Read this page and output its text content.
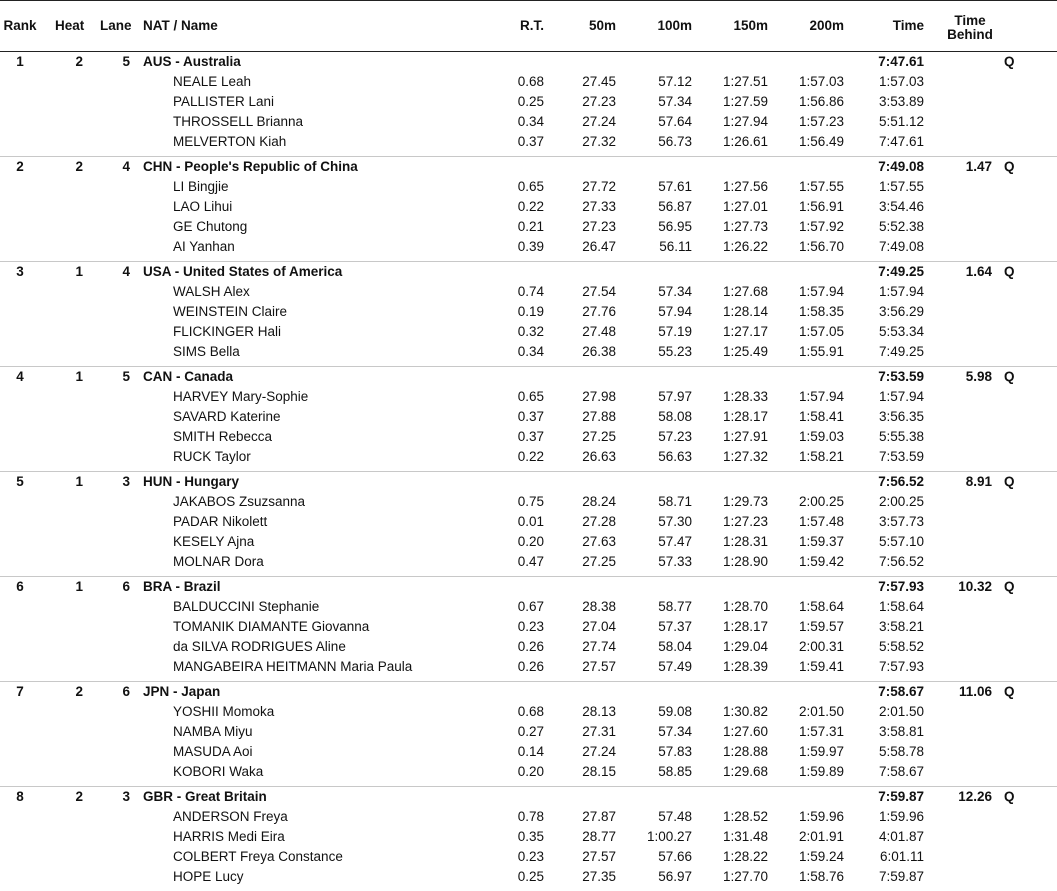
Rank Heat Lane NAT / Name	R.T.	50m	100m	150m	200m	Time	Time
Behind
1	2	5 AUS - Australia	7:47.61	Q
NEALE Leah	0.68	27.45	57.12	1:27.51	1:57.03	1:57.03
PALLISTER Lani	0.25	27.23	57.34	1:27.59	1:56.86	3:53.89
THROSSELL Brianna	0.34	27.24	57.64	1:27.94	1:57.23	5:51.12
MELVERTON Kiah	0.37	27.32	56.73	1:26.61	1:56.49	7:47.61
2	2	4 CHN - People's Republic of China	7:49.08	1.47 Q
LI Bingjie	0.65	27.72	57.61	1:27.56	1:57.55	1:57.55
LAO Lihui	0.22	27.33	56.87	1:27.01	1:56.91	3:54.46
GE Chutong	0.21	27.23	56.95	1:27.73	1:57.92	5:52.38
AI Yanhan	0.39	26.47	56.11	1:26.22	1:56.70	7:49.08
3	1	4 USA - United States of America	7:49.25	1.64 Q
WALSH Alex	0.74	27.54	57.34	1:27.68	1:57.94	1:57.94
WEINSTEIN Claire	0.19	27.76	57.94	1:28.14	1:58.35	3:56.29
FLICKINGER Hali	0.32	27.48	57.19	1:27.17	1:57.05	5:53.34
SIMS Bella	0.34	26.38	55.23	1:25.49	1:55.91	7:49.25
4	1	5 CAN - Canada	7:53.59	5.98 Q
HARVEY Mary-Sophie	0.65	27.98	57.97	1:28.33	1:57.94	1:57.94
SAVARD Katerine	0.37	27.88	58.08	1:28.17	1:58.41	3:56.35
SMITH Rebecca	0.37	27.25	57.23	1:27.91	1:59.03	5:55.38
RUCK Taylor	0.22	26.63	56.63	1:27.32	1:58.21	7:53.59
5	1	3 HUN - Hungary	7:56.52	8.91 Q
JAKABOS Zsuzsanna	0.75	28.24	58.71	1:29.73	2:00.25	2:00.25
PADAR Nikolett	0.01	27.28	57.30	1:27.23	1:57.48	3:57.73
KESELY Ajna	0.20	27.63	57.47	1:28.31	1:59.37	5:57.10
MOLNAR Dora	0.47	27.25	57.33	1:28.90	1:59.42	7:56.52
6	1	6 BRA - Brazil	7:57.93	10.32 Q
BALDUCCINI Stephanie	0.67	28.38	58.77	1:28.70	1:58.64	1:58.64
TOMANIK DIAMANTE Giovanna	0.23	27.04	57.37	1:28.17	1:59.57	3:58.21
da SILVA RODRIGUES Aline	0.26	27.74	58.04	1:29.04	2:00.31	5:58.52
MANGABEIRA HEITMANN Maria Paula	0.26	27.57	57.49	1:28.39	1:59.41	7:57.93
7	2	6 JPN - Japan	7:58.67	11.06 Q
YOSHII Momoka	0.68	28.13	59.08	1:30.82	2:01.50	2:01.50
NAMBA Miyu	0.27	27.31	57.34	1:27.60	1:57.31	3:58.81
MASUDA Aoi	0.14	27.24	57.83	1:28.88	1:59.97	5:58.78
KOBORI Waka	0.20	28.15	58.85	1:29.68	1:59.89	7:58.67
8	2	3 GBR - Great Britain	7:59.87	12.26 Q
ANDERSON Freya	0.78	27.87	57.48	1:28.52	1:59.96	1:59.96
HARRIS Medi Eira	0.35	28.77	1:00.27	1:31.48	2:01.91	4:01.87
COLBERT Freya Constance	0.23	27.57	57.66	1:28.22	1:59.24	6:01.11
HOPE Lucy	0.25	27.35	56.97	1:27.70	1:58.76	7:59.87
